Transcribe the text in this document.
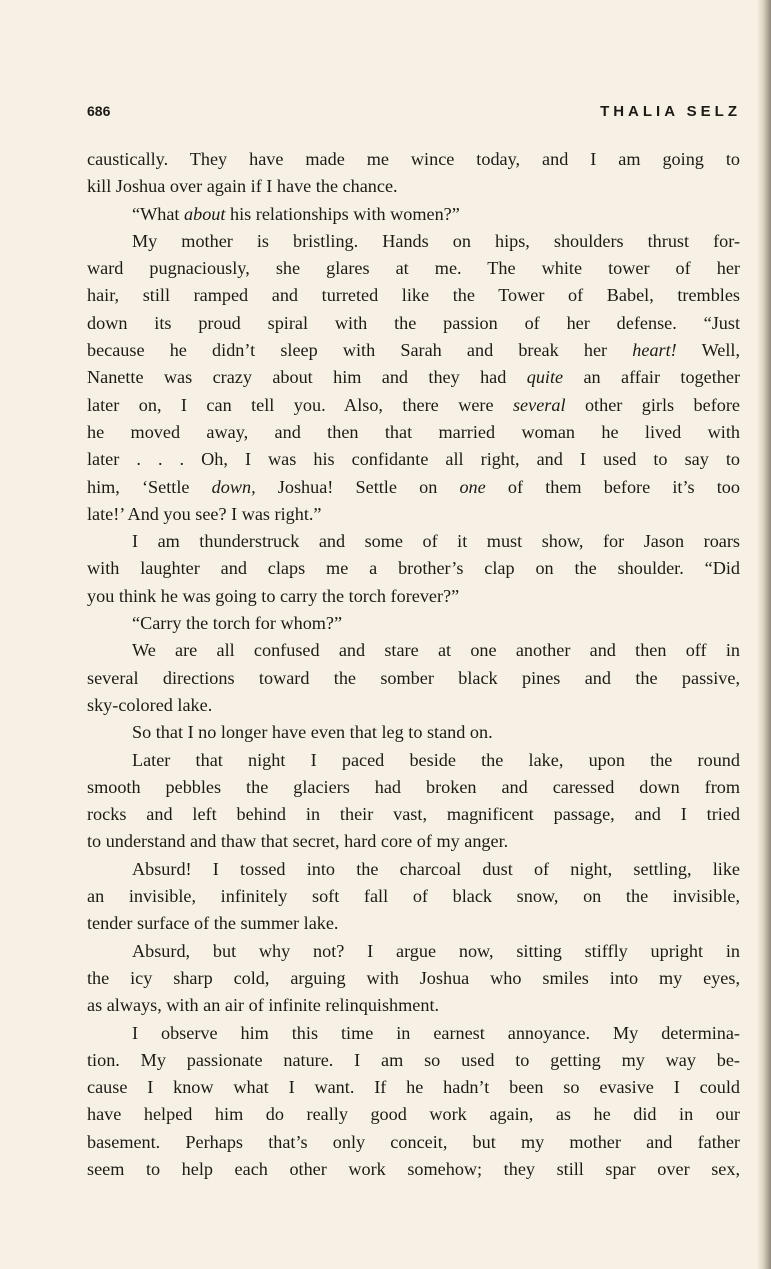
686	THALIA SELZ
caustically. They have made me wince today, and I am going to
kill Joshua over again if I have the chance.
“What about his relationships with women?”
My mother is bristling. Hands on hips, shoulders thrust for-
ward pugnaciously, she glares at me. The white tower of her
hair, still ramped and turreted like the Tower of Babel, trembles
down its proud spiral with the passion of her defense. “Just
because he didn’t sleep with Sarah and break her heart! Well,
Nanette was crazy about him and they had quite an affair together
later on, I can tell you. Also, there were several other girls before
he moved away, and then that married woman he lived with
later . . . Oh, I was his confidante all right, and I used to say to
him, ‘Settle down, Joshua! Settle on one of them before it’s too
late!’ And you see? I was right.”
I am thunderstruck and some of it must show, for Jason roars
with laughter and claps me a brother’s clap on the shoulder. “Did
you think he was going to carry the torch forever?”
“Carry the torch for whom?”
We are all confused and stare at one another and then off in
several directions toward the somber black pines and the passive,
sky-colored lake.
So that I no longer have even that leg to stand on.
Later that night I paced beside the lake, upon the round
smooth pebbles the glaciers had broken and caressed down from
rocks and left behind in their vast, magnificent passage, and I tried
to understand and thaw that secret, hard core of my anger.
Absurd! I tossed into the charcoal dust of night, settling, like
an invisible, infinitely soft fall of black snow, on the invisible,
tender surface of the summer lake.
Absurd, but why not? I argue now, sitting stiffly upright in
the icy sharp cold, arguing with Joshua who smiles into my eyes,
as always, with an air of infinite relinquishment.
I observe him this time in earnest annoyance. My determina-
tion. My passionate nature. I am so used to getting my way be-
cause I know what I want. If he hadn’t been so evasive I could
have helped him do really good work again, as he did in our
basement. Perhaps that’s only conceit, but my mother and father
seem to help each other work somehow; they still spar over sex,
